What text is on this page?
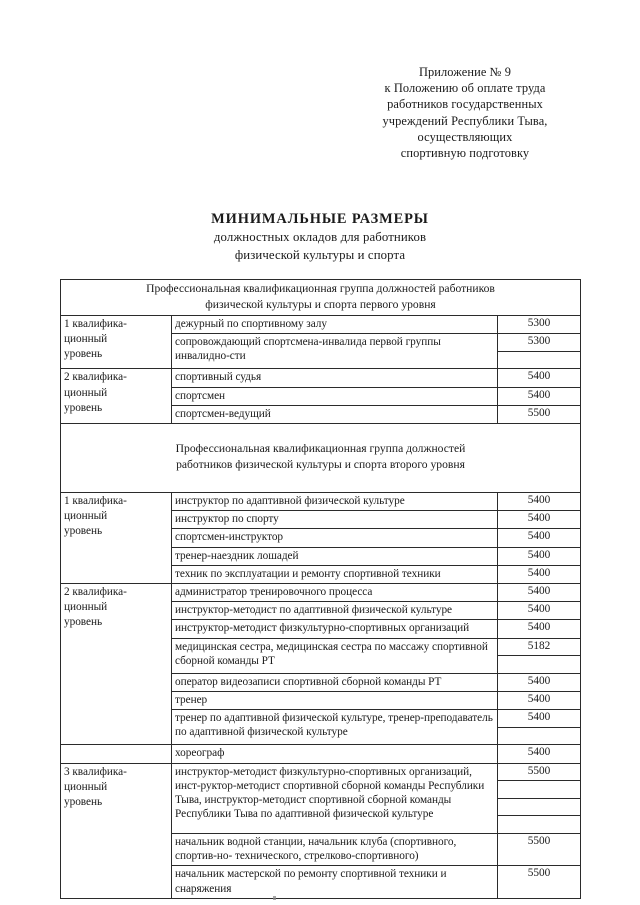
Приложение № 9
к Положению об оплате труда
работников государственных
учреждений Республики Тыва,
осуществляющих
спортивную подготовку
МИНИМАЛЬНЫЕ РАЗМЕРЫ
должностных окладов для работников
физической культуры и спорта
Профессиональная квалификационная группа должностей работников
физической культуры и спорта первого уровня		

1 квалифика-
ционный
уровень	дежурный по спортивному залу	5300
	сопровождающий спортсмена-инвалида первой группы инвалидно-сти	5300

2 квалифика-
ционный
уровень	спортивный судья	5400
	спортсмен	5400
	спортсмен-ведущий	5500

Профессиональная квалификационная группа должностей
работников физической культуры и спорта второго уровня		

1 квалифика-
ционный
уровень	инструктор по адаптивной физической культуре	5400
	инструктор по спорту	5400
	спортсмен-инструктор	5400
	тренер-наездник лошадей	5400
	техник по эксплуатации и ремонту спортивной техники	5400

2 квалифика-
ционный
уровень	администратор тренировочного процесса	5400
	инструктор-методист по адаптивной физической культуре	5400
	инструктор-методист физкультурно-спортивных организаций	5400
	медицинская сестра, медицинская сестра по массажу спортивной сборной команды РТ	5182

	оператор видеозаписи спортивной сборной команды РТ	5400
	тренер	5400
	тренер по адаптивной физической культуре, тренер-преподаватель по адаптивной физической культуре	5400

	хореограф	5400

3 квалифика-
ционный
уровень
	инструктор-методист физкультурно-спортивных организаций, инст-руктор-методист спортивной сборной команды Республики Тыва, инструктор-методист спортивной сборной команды Республики Тыва по адаптивной физической культуре	5500

	начальник водной станции, начальник клуба (спортивного, спортив-но- технического, стрелково-спортивного)	5500
	начальник мастерской по ремонту спортивной техники и снаряжения	5500
